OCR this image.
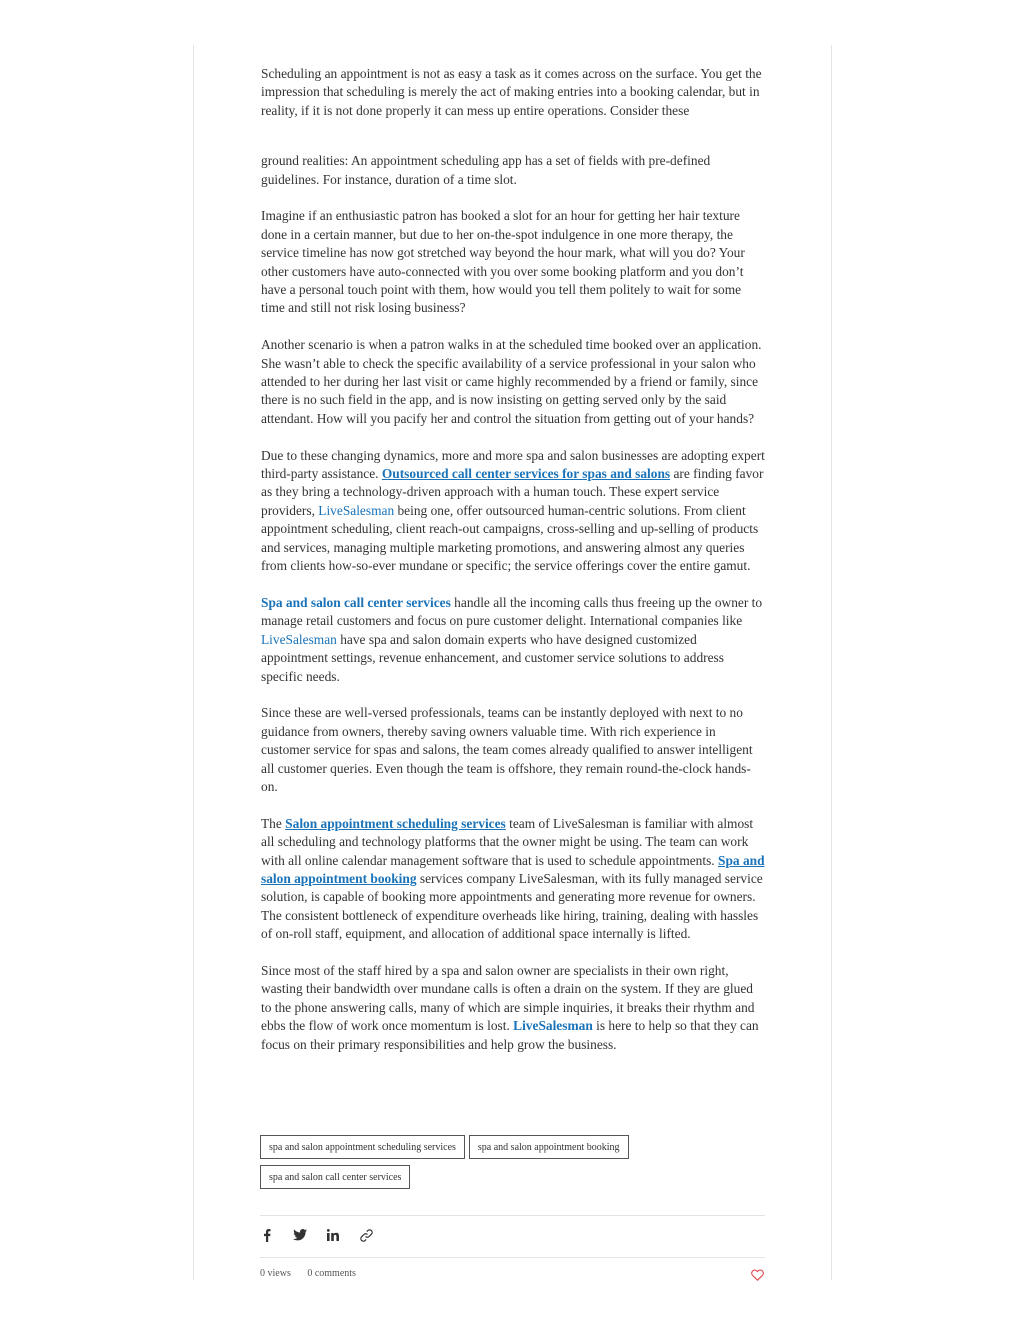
Scheduling an appointment is not as easy a task as it comes across on the surface. You get the impression that scheduling is merely the act of making entries into a booking calendar, but in reality, if it is not done properly it can mess up entire operations. Consider these

ground realities: An appointment scheduling app has a set of fields with pre-defined guidelines. For instance, duration of a time slot.

Imagine if an enthusiastic patron has booked a slot for an hour for getting her hair texture done in a certain manner, but due to her on-the-spot indulgence in one more therapy, the service timeline has now got stretched way beyond the hour mark, what will you do? Your other customers have auto-connected with you over some booking platform and you don’t have a personal touch point with them, how would you tell them politely to wait for some time and still not risk losing business?

Another scenario is when a patron walks in at the scheduled time booked over an application. She wasn’t able to check the specific availability of a service professional in your salon who attended to her during her last visit or came highly recommended by a friend or family, since there is no such field in the app, and is now insisting on getting served only by the said attendant. How will you pacify her and control the situation from getting out of your hands?

Due to these changing dynamics, more and more spa and salon businesses are adopting expert third-party assistance. Outsourced call center services for spas and salons are finding favor as they bring a technology-driven approach with a human touch. These expert service providers, LiveSalesman being one, offer outsourced human-centric solutions. From client appointment scheduling, client reach-out campaigns, cross-selling and up-selling of products and services, managing multiple marketing promotions, and answering almost any queries from clients how-so-ever mundane or specific; the service offerings cover the entire gamut.

Spa and salon call center services handle all the incoming calls thus freeing up the owner to manage retail customers and focus on pure customer delight. International companies like LiveSalesman have spa and salon domain experts who have designed customized appointment settings, revenue enhancement, and customer service solutions to address specific needs.

Since these are well-versed professionals, teams can be instantly deployed with next to no guidance from owners, thereby saving owners valuable time. With rich experience in customer service for spas and salons, the team comes already qualified to answer intelligent all customer queries. Even though the team is offshore, they remain round-the-clock hands-on.

The Salon appointment scheduling services team of LiveSalesman is familiar with almost all scheduling and technology platforms that the owner might be using. The team can work with all online calendar management software that is used to schedule appointments. Spa and salon appointment booking services company LiveSalesman, with its fully managed service solution, is capable of booking more appointments and generating more revenue for owners. The consistent bottleneck of expenditure overheads like hiring, training, dealing with hassles of on-roll staff, equipment, and allocation of additional space internally is lifted.

Since most of the staff hired by a spa and salon owner are specialists in their own right, wasting their bandwidth over mundane calls is often a drain on the system. If they are glued to the phone answering calls, many of which are simple inquiries, it breaks their rhythm and ebbs the flow of work once momentum is lost. LiveSalesman is here to help so that they can focus on their primary responsibilities and help grow the business.

spa and salon appointment scheduling services spa and salon appointment booking
spa and salon call center services
0 views 0 comments
